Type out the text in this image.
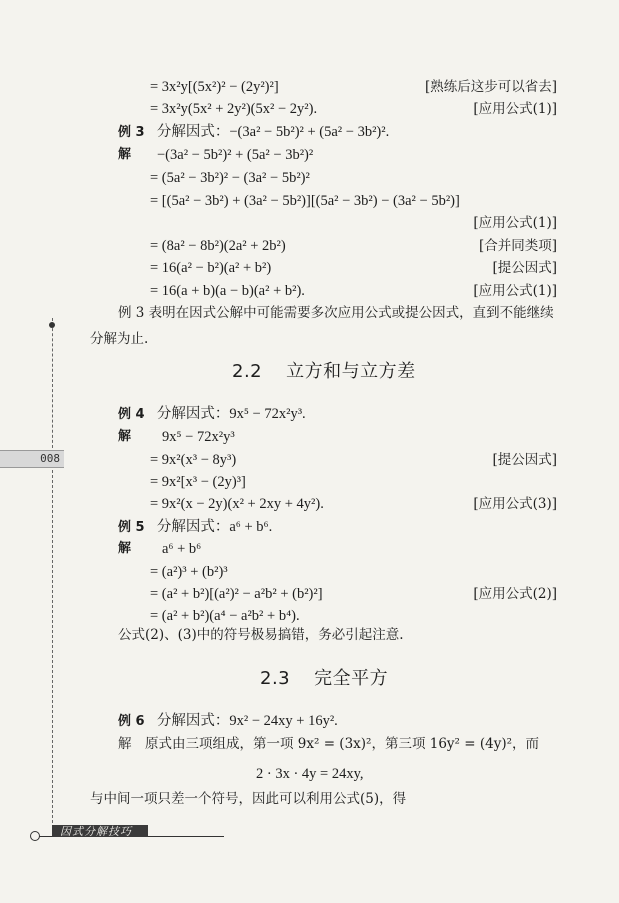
008
= 3x²y[(5x²)² − (2y²)²]	[熟练后这步可以省去]
= 3x²y(5x² + 2y²)(5x² − 2y²).	[应用公式(1)]
例 3 分解因式：−(3a² − 5b²)² + (5a² − 3b²)².
解 −(3a² − 5b²)² + (5a² − 3b²)²
= (5a² − 3b²)² − (3a² − 5b²)²
= [(5a² − 3b²) + (3a² − 5b²)][(5a² − 3b²) − (3a² − 5b²)]
[应用公式(1)]
= (8a² − 8b²)(2a² + 2b²)	[合并同类项]
= 16(a² − b²)(a² + b²)	[提公因式]
= 16(a + b)(a − b)(a² + b²).	[应用公式(1)]
例 3 表明在因式公解中可能需要多次应用公式或提公因式，直到不能继续分解为止.
2.2 立方和与立方差
例 4 分解因式：9x⁵ − 72x²y³.
解 9x⁵ − 72x²y³
= 9x²(x³ − 8y³)	[提公因式]
= 9x²[x³ − (2y)³]
= 9x²(x − 2y)(x² + 2xy + 4y²).	[应用公式(3)]
例 5 分解因式：a⁶ + b⁶.
解 a⁶ + b⁶
= (a²)³ + (b²)³
= (a² + b²)[(a²)² − a²b² + (b²)²]	[应用公式(2)]
= (a² + b²)(a⁴ − a²b² + b⁴).
公式(2)、(3)中的符号极易搞错，务必引起注意.
2.3 完全平方
例 6 分解因式：9x² − 24xy + 16y².
解　原式由三项组成，第一项 9x² = (3x)²，第三项 16y² = (4y)²，而
2 · 3x · 4y = 24xy,
与中间一项只差一个符号，因此可以利用公式(5)，得
因式分解技巧
